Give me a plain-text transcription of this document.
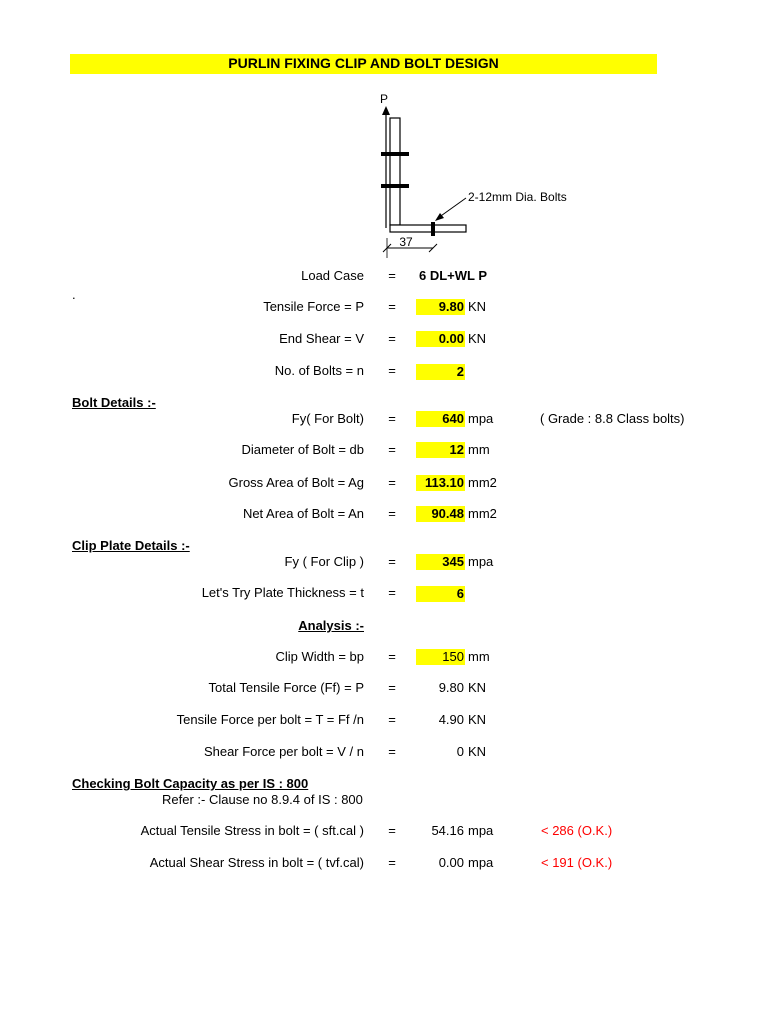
PURLIN FIXING CLIP AND BOLT DESIGN
P
2-12mm Dia. Bolts
37
.
Load Case = 6 DL+WL P
Tensile Force = P =	9.80 KN
End Shear = V =	0.00 KN
No. of Bolts = n =	2
Bolt Details :-
Fy( For Bolt) =	640 mpa	( Grade : 8.8 Class bolts)
Diameter of Bolt = db =	12 mm
Gross Area of Bolt = Ag =	113.10 mm2
Net Area of Bolt = An =	90.48 mm2
Clip Plate Details :-
Fy ( For Clip ) =	345 mpa
Let's Try Plate Thickness = t =	6
Analysis :-
Clip Width = bp =	150 mm
Total Tensile Force (Ff) = P =	9.80 KN
Tensile Force per bolt = T = Ff /n =	4.90 KN
Shear Force per bolt = V / n =	0 KN
Checking Bolt Capacity as per IS : 800
Refer :- Clause no 8.9.4 of IS : 800
Actual Tensile Stress in bolt = ( sft.cal ) =	54.16 mpa	< 286 (O.K.)
Actual Shear Stress in bolt = ( tvf.cal) =	0.00 mpa	< 191 (O.K.)
